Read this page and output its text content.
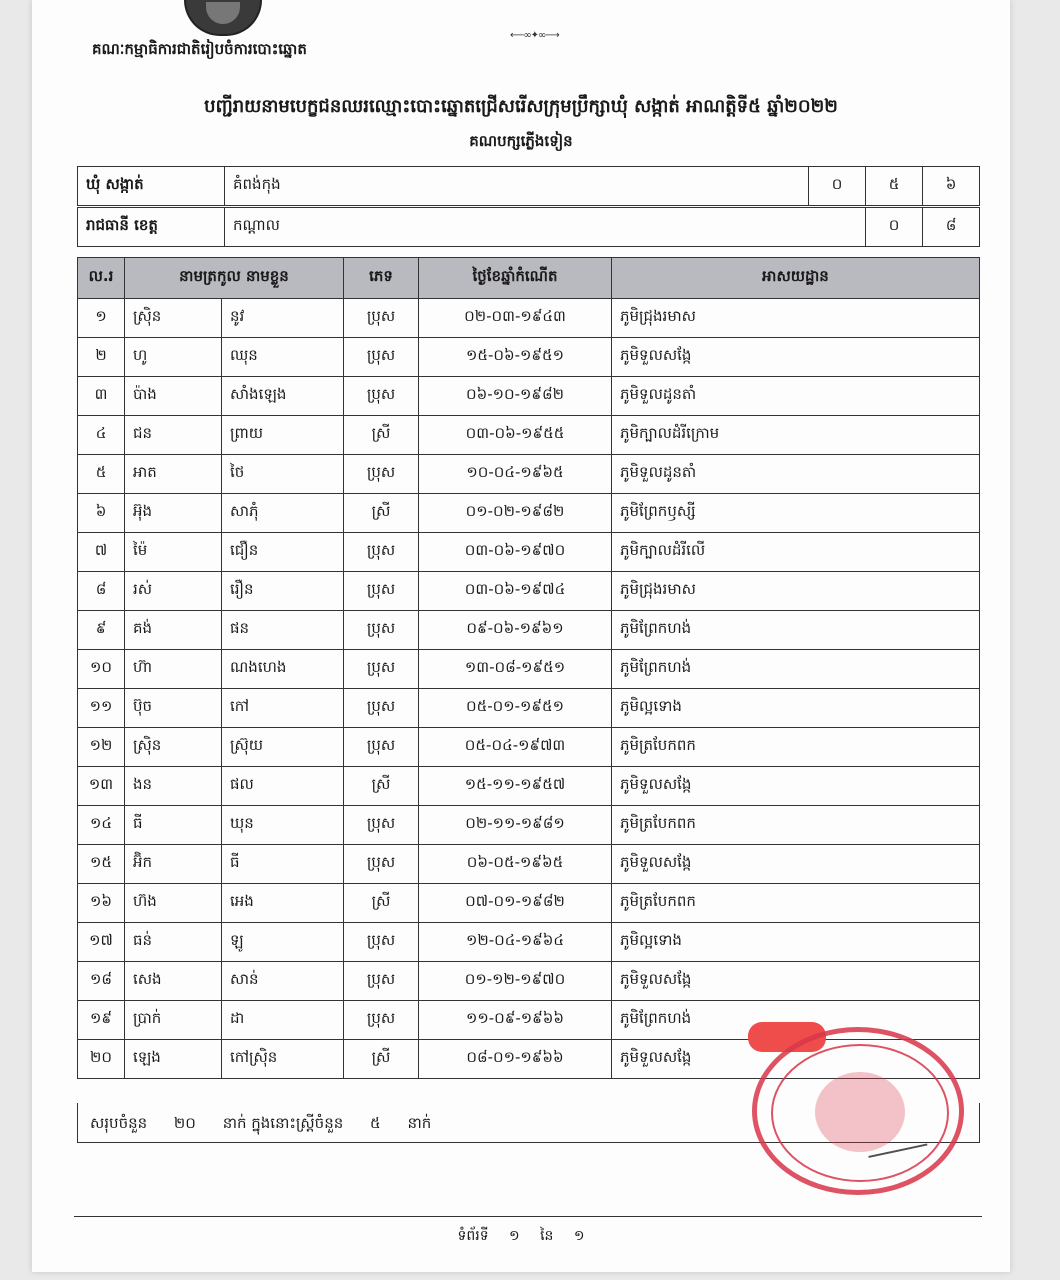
គណៈកម្មាធិការជាតិរៀបចំការបោះឆ្នោត
⟵∞✦∞⟶
បញ្ជីរាយនាមបេក្ខជនឈរឈ្មោះបោះឆ្នោតជ្រើសរើសក្រុមប្រឹក្សាឃុំ សង្កាត់ អាណត្តិទី៥ ឆ្នាំ២០២២
គណបក្សភ្លើងទៀន
ឃុំ សង្កាត់	គំពង់កុង	០	៥	៦
រាជធានី ខេត្ត	កណ្ដាល	០	៨
ល.រ	នាមត្រកូល នាមខ្លួន		ភេទ	ថ្ងៃខែឆ្នាំកំណើត	អាសយដ្ឋាន
១	ស្រ៊ិន	នូវ	ប្រុស	០២-០៣-១៩៤៣	ភូមិជ្រុងរមាស
២	ហូ	ឈុន	ប្រុស	១៥-០៦-១៩៥១	ភូមិទួលសង្កែ
៣	ប៉ាង	សាំងឡេង	ប្រុស	០៦-១០-១៩៨២	ភូមិទួលដូនតាំ
៤	ជន	ព្រាយ	ស្រី	០៣-០៦-១៩៥៥	ភូមិក្បាលដំរីក្រោម
៥	អាត	ថៃ	ប្រុស	១០-០៤-១៩៦៥	ភូមិទួលដូនតាំ
៦	អ៊ុង	សាភុំ	ស្រី	០១-០២-១៩៨២	ភូមិព្រែកឫស្សី
៧	ម៉ៃ	ជឿន	ប្រុស	០៣-០៦-១៩៧០	ភូមិក្បាលដំរីលើ
៨	រស់	រឿន	ប្រុស	០៣-០៦-១៩៧៤	ភូមិជ្រុងរមាស
៩	គង់	ផន	ប្រុស	០៩-០៦-១៩៦១	ភូមិព្រែកហង់
១០	ហ៊ា	ណងហេង	ប្រុស	១៣-០៨-១៩៥១	ភូមិព្រែកហង់
១១	ប៊ុច	កៅ	ប្រុស	០៥-០១-១៩៥១	ភូមិល្អទោង
១២	ស្រ៊ិន	ស្រ៊ុយ	ប្រុស	០៥-០៤-១៩៧៣	ភូមិត្របែកពក
១៣	ងន	ផល	ស្រី	១៥-១១-១៩៥៧	ភូមិទួលសង្កែ
១៤	ធី	ឃុន	ប្រុស	០២-១១-១៩៨១	ភូមិត្របែកពក
១៥	អ៊ិក	ធី	ប្រុស	០៦-០៥-១៩៦៥	ភូមិទួលសង្កែ
១៦	ហ៊ង	អេង	ស្រី	០៧-០១-១៩៨២	ភូមិត្របែកពក
១៧	ធន់	ឡូ	ប្រុស	១២-០៤-១៩៦៤	ភូមិល្អទោង
១៨	សេង	សាន់	ប្រុស	០១-១២-១៩៧០	ភូមិទួលសង្កែ
១៩	ប្រាក់	ដា	ប្រុស	១១-០៩-១៩៦៦	ភូមិព្រែកហង់
២០	ឡេង	កៅស្រ៊ិន	ស្រី	០៨-០១-១៩៦៦	ភូមិទួលសង្កែ
សរុបចំនួន ២០ នាក់ ក្នុងនោះស្ត្រីចំនួន ៥ នាក់
ទំព័រទី ១ នៃ ១
